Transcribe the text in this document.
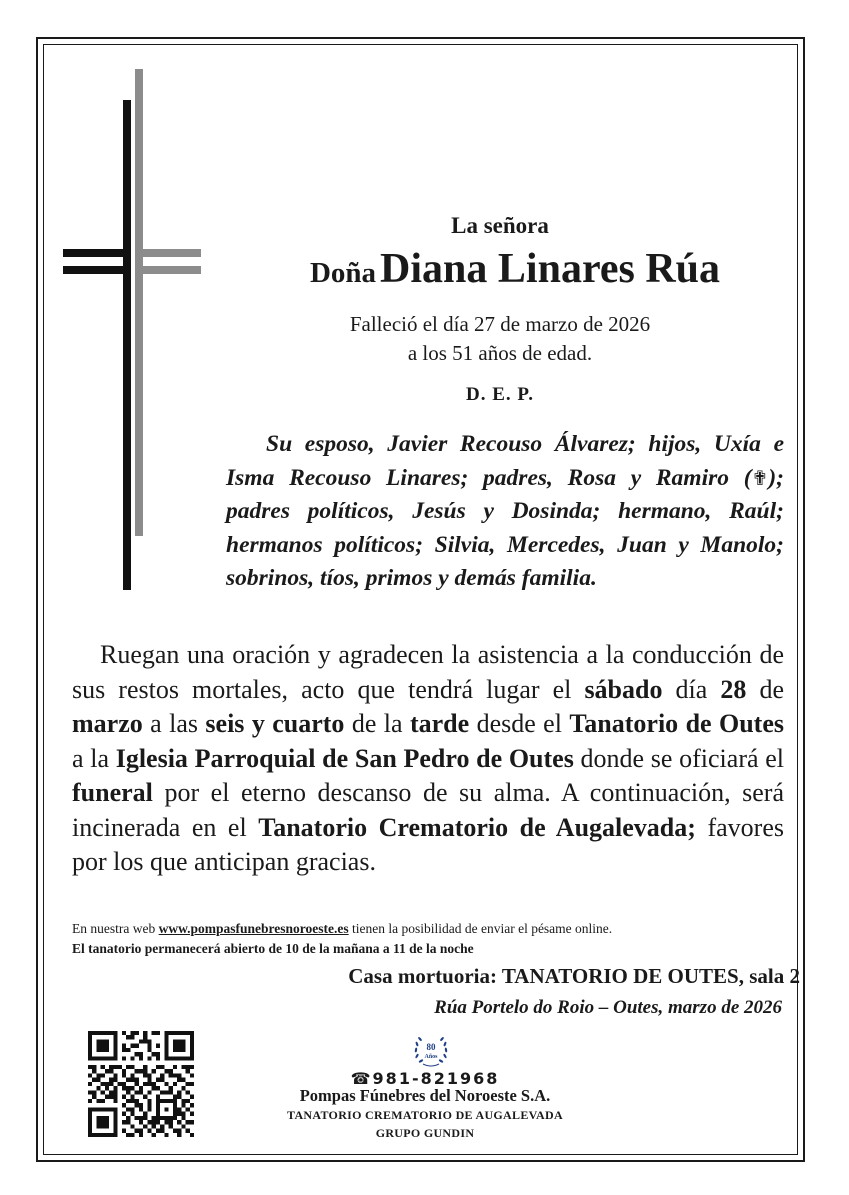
La señora
Doña Diana Linares Rúa
Falleció el día 27 de marzo de 2026
a los 51 años de edad.
D. E. P.
Su esposo, Javier Recouso Álvarez; hijos, Uxía e Isma Recouso Linares; padres, Rosa y Ramiro (✟); padres políticos, Jesús y Dosinda; hermano, Raúl; hermanos políticos; Silvia, Mercedes, Juan y Manolo; sobrinos, tíos, primos y demás familia.
Ruegan una oración y agradecen la asistencia a la conducción de sus restos mortales, acto que tendrá lugar el sábado día 28 de marzo a las seis y cuarto de la tarde desde el Tanatorio de Outes a la Iglesia Parroquial de San Pedro de Outes donde se oficiará el funeral por el eterno descanso de su alma. A continuación, será incinerada en el Tanatorio Crematorio de Augalevada; favores por los que anticipan gracias.
En nuestra web www.pompasfunebresnoroeste.es tienen la posibilidad de enviar el pésame online.
El tanatorio permanecerá abierto de 10 de la mañana a 11 de la noche
Casa mortuoria: TANATORIO DE OUTES, sala 2
Rúa Portelo do Roio – Outes, marzo de 2026
80
Años
☎981-821968
Pompas Fúnebres del Noroeste S.A.
TANATORIO CREMATORIO DE AUGALEVADA
GRUPO GUNDIN
